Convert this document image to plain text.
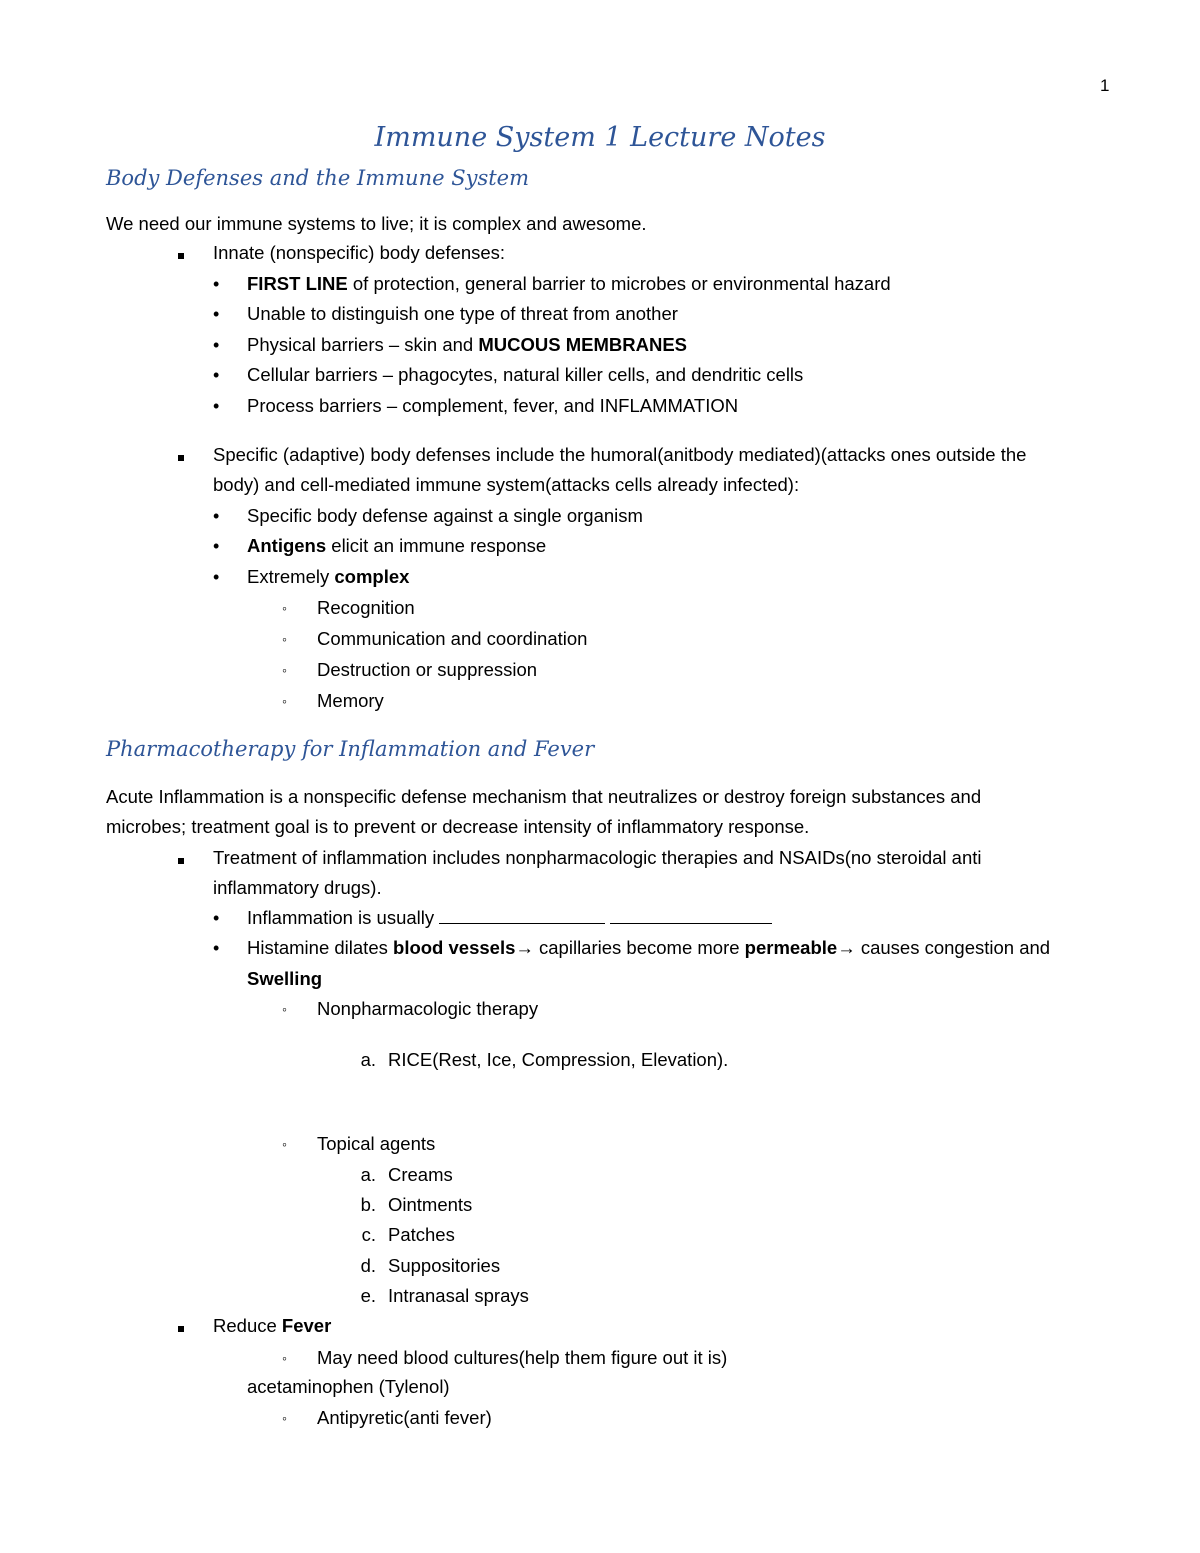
1
Immune System 1 Lecture Notes
Body Defenses and the Immune System
We need our immune systems to live; it is complex and awesome.
Innate (nonspecific) body defenses:
• FIRST LINE of protection, general barrier to microbes or environmental hazard
• Unable to distinguish one type of threat from another
• Physical barriers – skin and MUCOUS MEMBRANES
• Cellular barriers – phagocytes, natural killer cells, and dendritic cells
• Process barriers – complement, fever, and INFLAMMATION
Specific (adaptive) body defenses include the humoral(anitbody mediated)(attacks ones outside the
body) and cell-mediated immune system(attacks cells already infected):
• Specific body defense against a single organism
• Antigens elicit an immune response
• Extremely complex
◦ Recognition
◦ Communication and coordination
◦ Destruction or suppression
◦ Memory
Pharmacotherapy for Inflammation and Fever
Acute Inflammation is a nonspecific defense mechanism that neutralizes or destroy foreign substances and
microbes; treatment goal is to prevent or decrease intensity of inflammatory response.
Treatment of inflammation includes nonpharmacologic therapies and NSAIDs(no steroidal anti
inflammatory drugs).
• Inflammation is usually
• Histamine dilates blood vessels→ capillaries become more permeable→ causes congestion and
Swelling
◦ Nonpharmacologic therapy
a. RICE(Rest, Ice, Compression, Elevation).
◦ Topical agents
a. Creams
b. Ointments
c. Patches
d. Suppositories
e. Intranasal sprays
Reduce Fever
◦ May need blood cultures(help them figure out it is)
acetaminophen (Tylenol)
◦ Antipyretic(anti fever)
